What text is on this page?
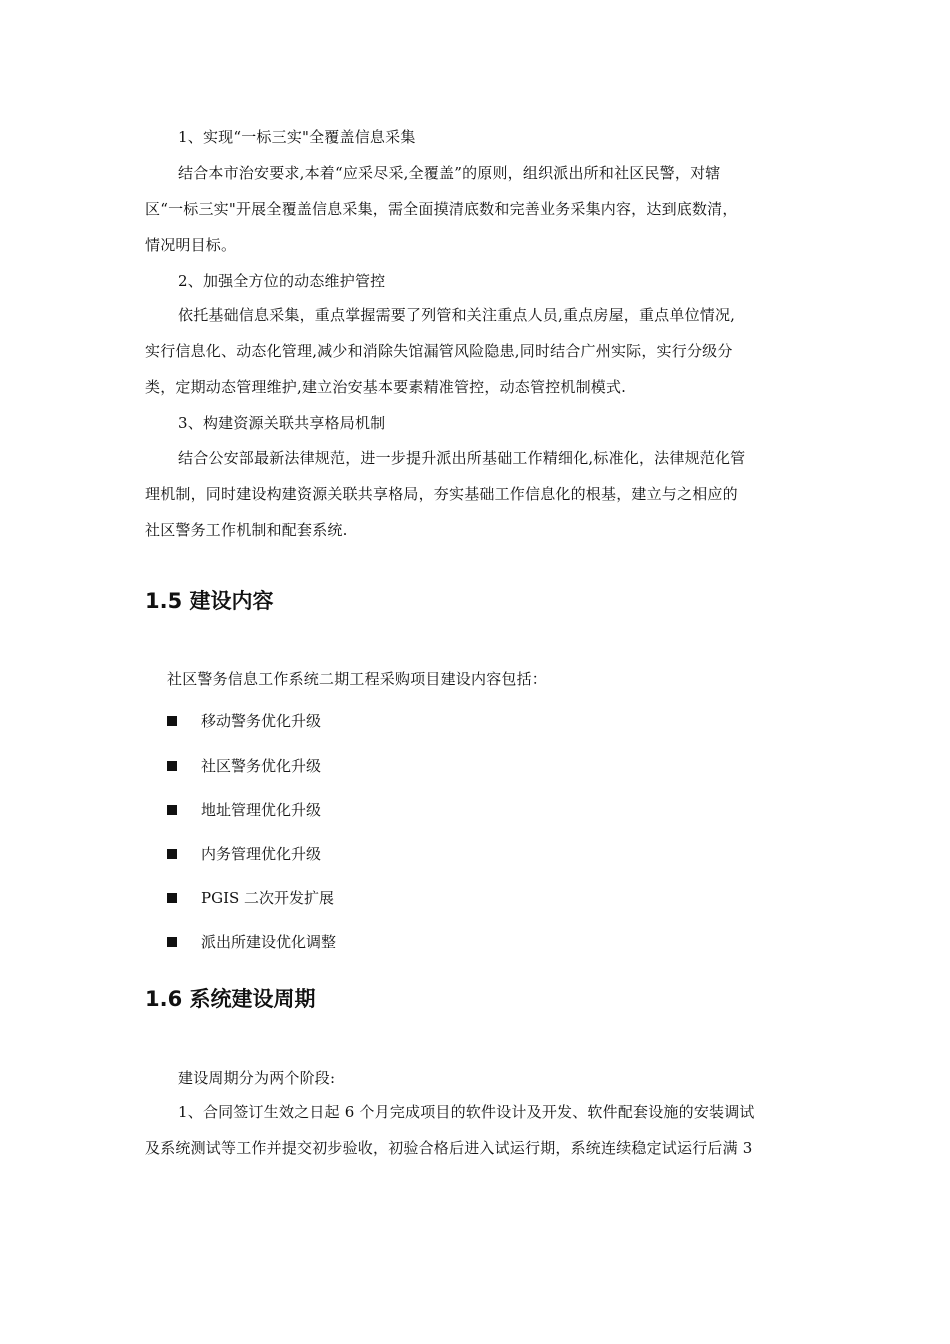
1、实现“一标三实"全覆盖信息采集
结合本市治安要求,本着“应采尽采,全覆盖”的原则，组织派出所和社区民警，对辖
区“一标三实"开展全覆盖信息采集，需全面摸清底数和完善业务采集内容，达到底数清，
情况明目标。
2、加强全方位的动态维护管控
依托基础信息采集，重点掌握需要了列管和关注重点人员,重点房屋，重点单位情况,
实行信息化、动态化管理,减少和消除失馆漏管风险隐患,同时结合广州实际，实行分级分
类，定期动态管理维护,建立治安基本要素精准管控，动态管控机制模式.
3、构建资源关联共享格局机制
结合公安部最新法律规范，进一步提升派出所基础工作精细化,标准化，法律规范化管
理机制，同时建设构建资源关联共享格局，夯实基础工作信息化的根基，建立与之相应的
社区警务工作机制和配套系统.
1.5 建设内容
社区警务信息工作系统二期工程采购项目建设内容包括：
移动警务优化升级
社区警务优化升级
地址管理优化升级
内务管理优化升级
PGIS 二次开发扩展
派出所建设优化调整
1.6 系统建设周期
建设周期分为两个阶段:
1、合同签订生效之日起 6 个月完成项目的软件设计及开发、软件配套设施的安装调试
及系统测试等工作并提交初步验收，初验合格后进入试运行期，系统连续稳定试运行后满 3
